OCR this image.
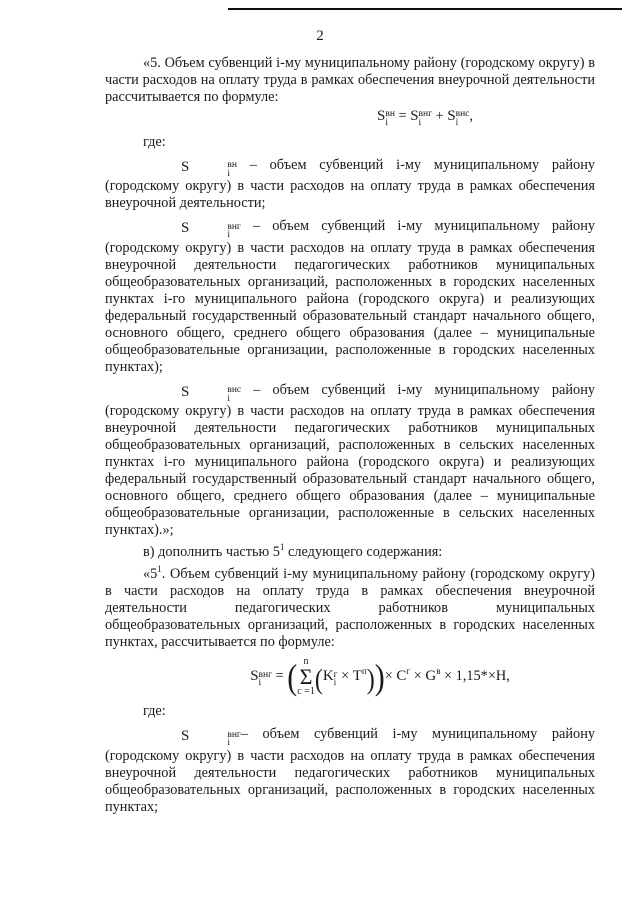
2

«5. Объем субвенций i-му муниципальному району (городскому округу) в части расходов на оплату труда в рамках обеспечения внеурочной деятельности рассчитывается по формуле:

S вн
i = S внг
i	+ S внс
i ,

где:

S	вн
i
– объем субвенций i-му муниципальному району (городскому округу) в части расходов на оплату труда в рамках обеспечения внеурочной деятельности;

S	внг
i
– объем субвенций i-му муниципальному району (городскому округу) в части расходов на оплату труда в рамках обеспечения внеурочной деятельности педагогических работников муниципальных общеобразовательных организаций, расположенных в городских населенных пунктах i-го муниципального района (городского округа) и реализующих федеральный государственный образовательный стандарт начального общего, основного общего, среднего общего образования (далее – муниципальные общеобразовательные организации, расположенные в городских населенных пунктах);

S	внс
i
– объем субвенций i-му муниципальному району (городскому округу) в части расходов на оплату труда в рамках обеспечения внеурочной деятельности педагогических работников муниципальных общеобразовательных организаций, расположенных в сельских населенных пунктах i-го муниципального района (городского округа) и реализующих федеральный государственный образовательный стандарт начального общего, основного общего, среднего общего образования (далее – муниципальные общеобразовательные организации, расположенные в сельских населенных пунктах).»;

в) дополнить частью $5^1$ следующего содержания:

«$5^1$. Объем субвенций i-му муниципальному району (городскому округу) в части расходов на оплату труда в рамках обеспечения внеурочной деятельности педагогических работников муниципальных общеобразовательных организаций, расположенных в городских населенных пунктах, рассчитывается по формуле:

S внг
i	= ( n
Σ
c =1 (K г
$i \times T^п))\times C^г \times G^в \times 1,15*\times H$,

где:

S	внг
i
– объем субвенций i-му муниципальному району (городскому округу) в части расходов на оплату труда в рамках обеспечения внеурочной деятельности педагогических работников муниципальных общеобразовательных организаций, расположенных в городских населенных пунктах;
